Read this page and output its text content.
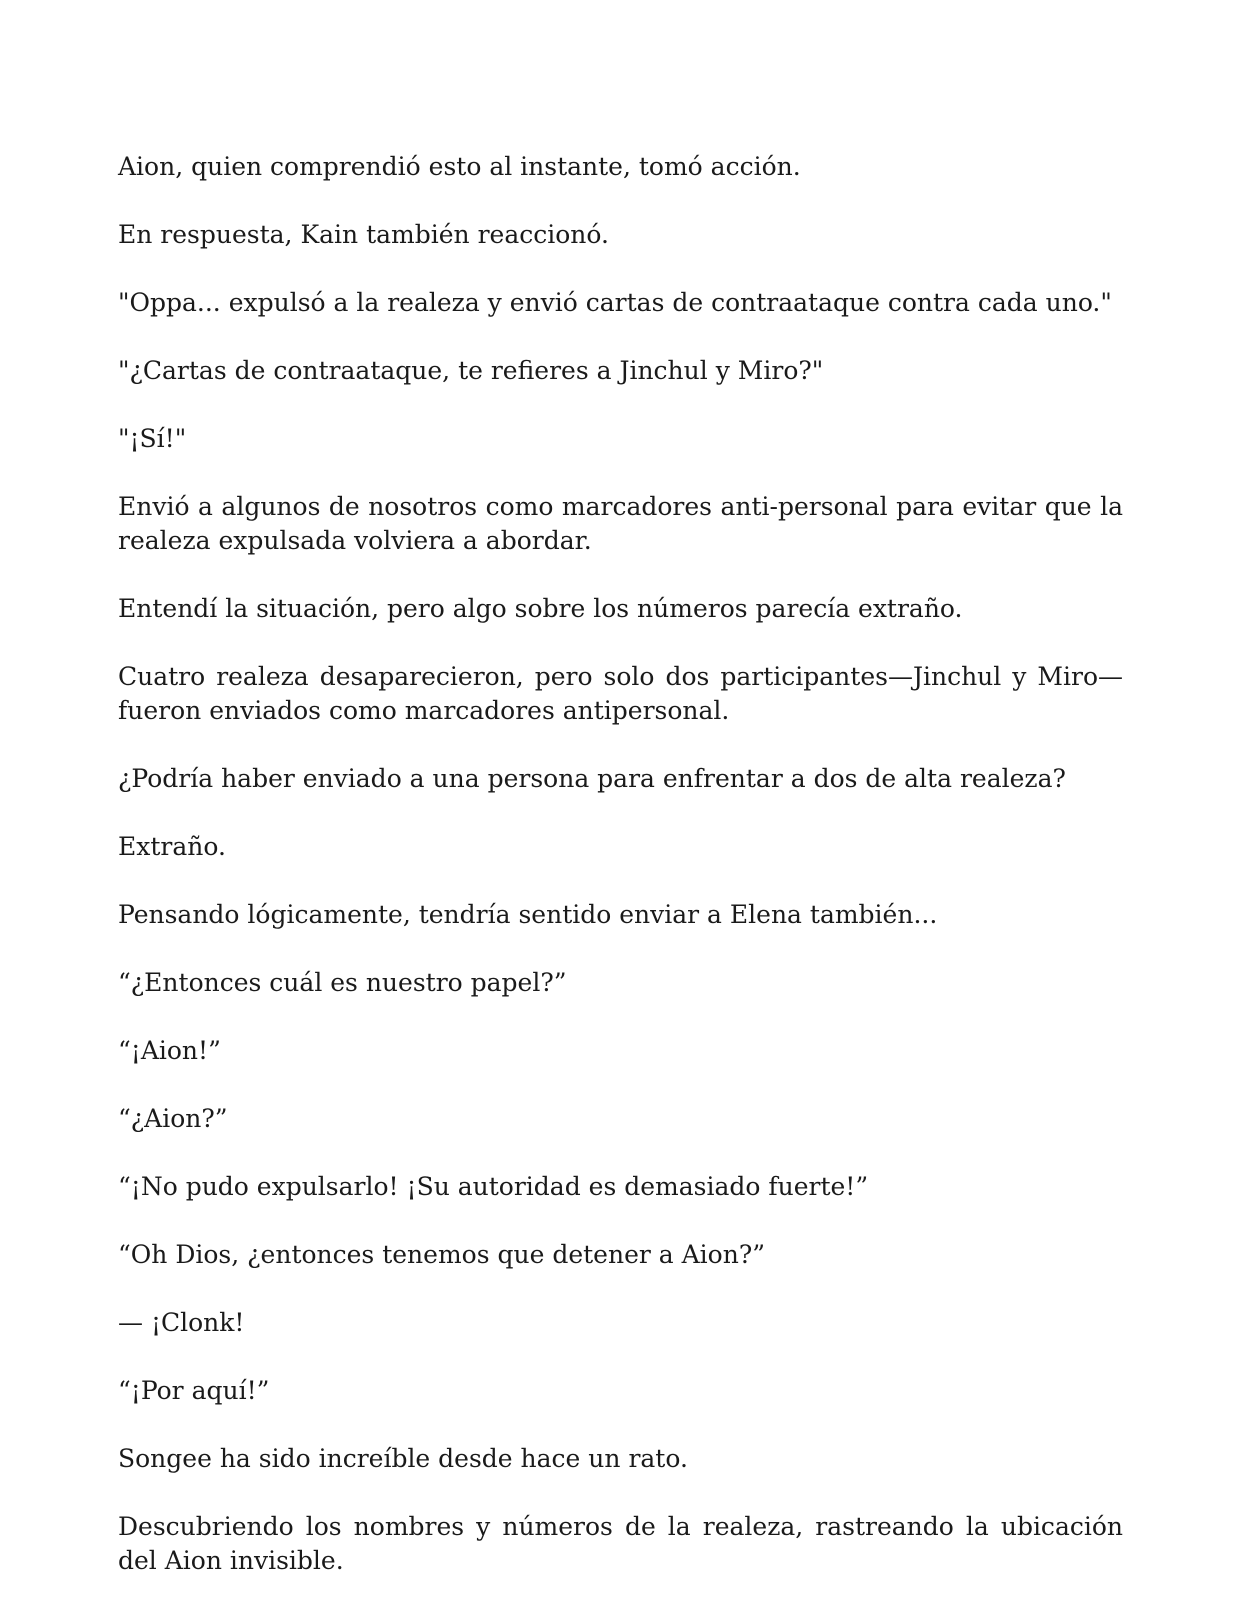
Aion, quien comprendió esto al instante, tomó acción.

En respuesta, Kain también reaccionó.

"Oppa... expulsó a la realeza y envió cartas de contraataque contra cada uno."

"¿Cartas de contraataque, te refieres a Jinchul y Miro?"

"¡Sí!"

Envió a algunos de nosotros como marcadores anti-personal para evitar que la realeza expulsada volviera a abordar.

Entendí la situación, pero algo sobre los números parecía extraño.

Cuatro realeza desaparecieron, pero solo dos participantes—Jinchul y Miro—fueron enviados como marcadores antipersonal.

¿Podría haber enviado a una persona para enfrentar a dos de alta realeza?

Extraño.

Pensando lógicamente, tendría sentido enviar a Elena también...

“¿Entonces cuál es nuestro papel?”

“¡Aion!”

“¿Aion?”

“¡No pudo expulsarlo! ¡Su autoridad es demasiado fuerte!”

“Oh Dios, ¿entonces tenemos que detener a Aion?”

— ¡Clonk!

“¡Por aquí!”

Songee ha sido increíble desde hace un rato.

Descubriendo los nombres y números de la realeza, rastreando la ubicación del Aion invisible.
